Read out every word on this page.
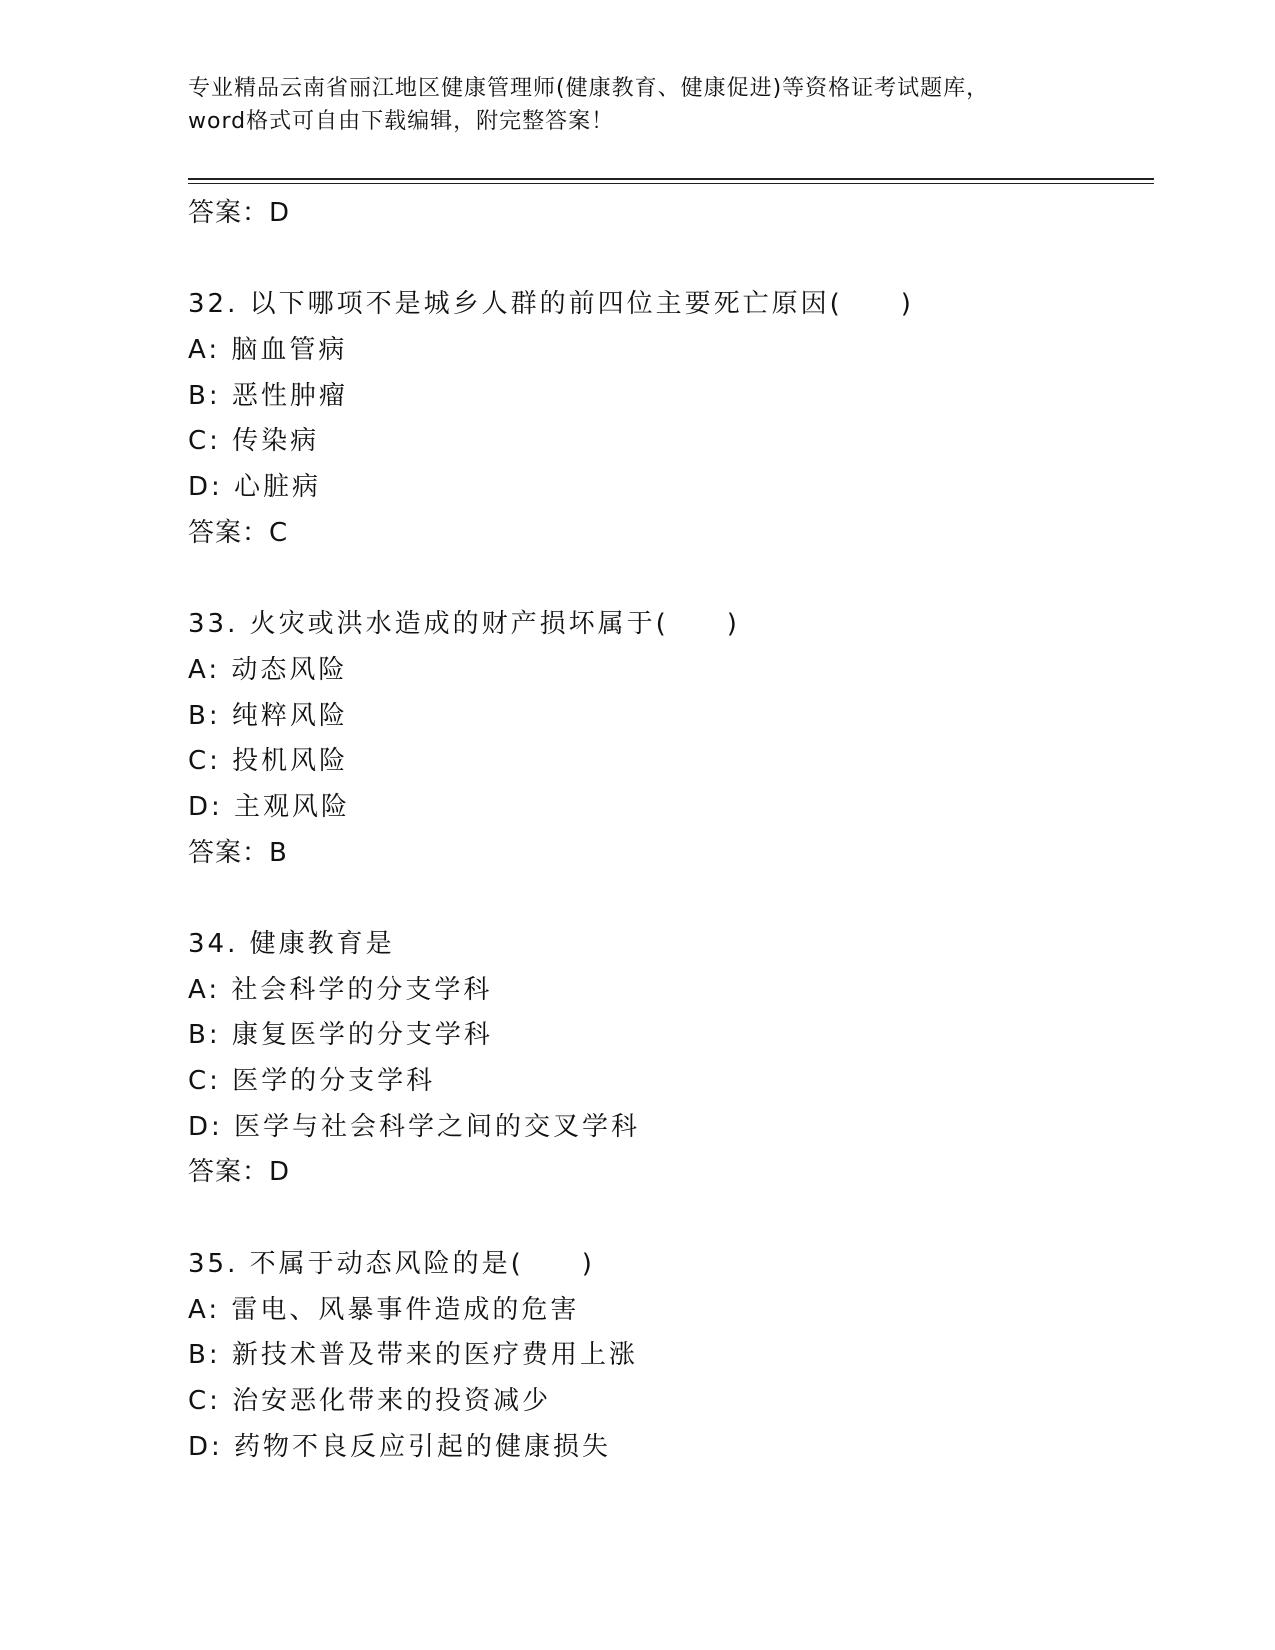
专业精品云南省丽江地区健康管理师(健康教育、健康促进)等资格证考试题库，
word格式可自由下载编辑，附完整答案！
答案：D
32. 以下哪项不是城乡人群的前四位主要死亡原因(　　)
A: 脑血管病
B: 恶性肿瘤
C: 传染病
D: 心脏病
答案：C
33. 火灾或洪水造成的财产损坏属于(　　)
A: 动态风险
B: 纯粹风险
C: 投机风险
D: 主观风险
答案：B
34. 健康教育是
A: 社会科学的分支学科
B: 康复医学的分支学科
C: 医学的分支学科
D: 医学与社会科学之间的交叉学科
答案：D
35. 不属于动态风险的是(　　)
A: 雷电、风暴事件造成的危害
B: 新技术普及带来的医疗费用上涨
C: 治安恶化带来的投资减少
D: 药物不良反应引起的健康损失
